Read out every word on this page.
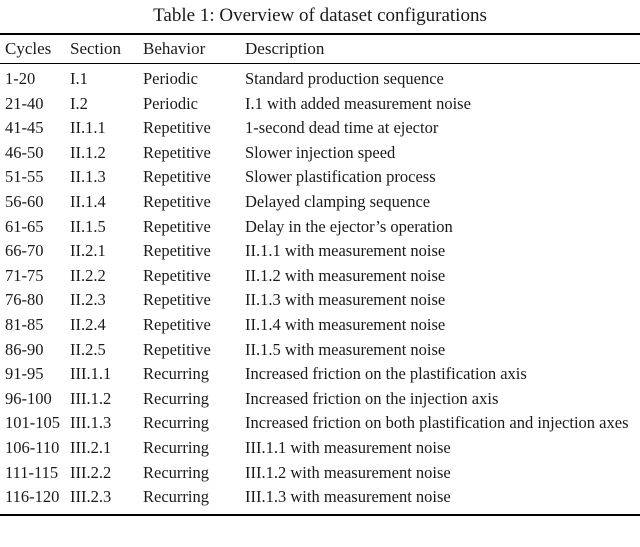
Table 1: Overview of dataset configurations
Cycles	Section	Behavior	Description
1-20	I.1	Periodic	Standard production sequence
21-40	I.2	Periodic	I.1 with added measurement noise
41-45	II.1.1	Repetitive	1-second dead time at ejector
46-50	II.1.2	Repetitive	Slower injection speed
51-55	II.1.3	Repetitive	Slower plastification process
56-60	II.1.4	Repetitive	Delayed clamping sequence
61-65	II.1.5	Repetitive	Delay in the ejector’s operation
66-70	II.2.1	Repetitive	II.1.1 with measurement noise
71-75	II.2.2	Repetitive	II.1.2 with measurement noise
76-80	II.2.3	Repetitive	II.1.3 with measurement noise
81-85	II.2.4	Repetitive	II.1.4 with measurement noise
86-90	II.2.5	Repetitive	II.1.5 with measurement noise
91-95	III.1.1	Recurring	Increased friction on the plastification axis
96-100	III.1.2	Recurring	Increased friction on the injection axis
101-105	III.1.3	Recurring	Increased friction on both plastification and injection axes
106-110	III.2.1	Recurring	III.1.1 with measurement noise
111-115	III.2.2	Recurring	III.1.2 with measurement noise
116-120	III.2.3	Recurring	III.1.3 with measurement noise
